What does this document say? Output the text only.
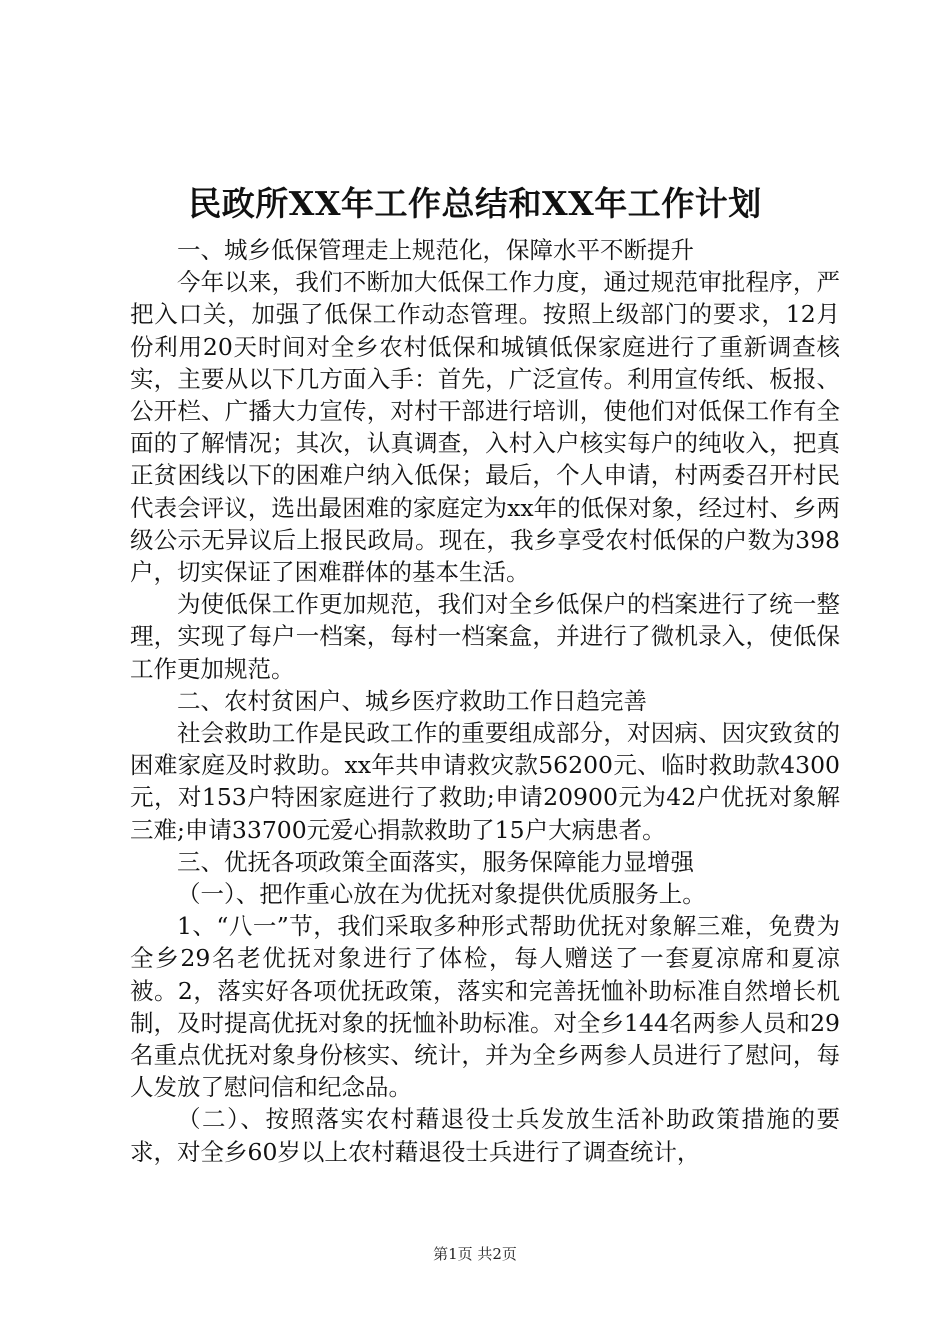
民政所XX年工作总结和XX年工作计划

一、城乡低保管理走上规范化，保障水平不断提升

今年以来，我们不断加大低保工作力度，通过规范审批程序，严把入口关，加强了低保工作动态管理。按照上级部门的要求，12月份利用20天时间对全乡农村低保和城镇低保家庭进行了重新调查核实，主要从以下几方面入手：首先，广泛宣传。利用宣传纸、板报、公开栏、广播大力宣传，对村干部进行培训，使他们对低保工作有全面的了解情况；其次，认真调查，入村入户核实每户的纯收入，把真正贫困线以下的困难户纳入低保；最后，个人申请，村两委召开村民代表会评议，选出最困难的家庭定为xx年的低保对象，经过村、乡两级公示无异议后上报民政局。现在，我乡享受农村低保的户数为398户，切实保证了困难群体的基本生活。

为使低保工作更加规范，我们对全乡低保户的档案进行了统一整理，实现了每户一档案，每村一档案盒，并进行了微机录入，使低保工作更加规范。

二、农村贫困户、城乡医疗救助工作日趋完善

社会救助工作是民政工作的重要组成部分，对因病、因灾致贫的困难家庭及时救助。xx年共申请救灾款56200元、临时救助款4300元，对153户特困家庭进行了救助;申请20900元为42户优抚对象解三难;申请33700元爱心捐款救助了15户大病患者。

三、优抚各项政策全面落实，服务保障能力显增强

（一）、把作重心放在为优抚对象提供优质服务上。

1、“八一”节，我们采取多种形式帮助优抚对象解三难，免费为全乡29名老优抚对象进行了体检，每人赠送了一套夏凉席和夏凉被。2，落实好各项优抚政策，落实和完善抚恤补助标准自然增长机制，及时提高优抚对象的抚恤补助标准。对全乡144名两参人员和29名重点优抚对象身份核实、统计，并为全乡两参人员进行了慰问，每人发放了慰问信和纪念品。

（二）、按照落实农村藉退役士兵发放生活补助政策措施的要求，对全乡60岁以上农村藉退役士兵进行了调查统计，

第1页 共2页
